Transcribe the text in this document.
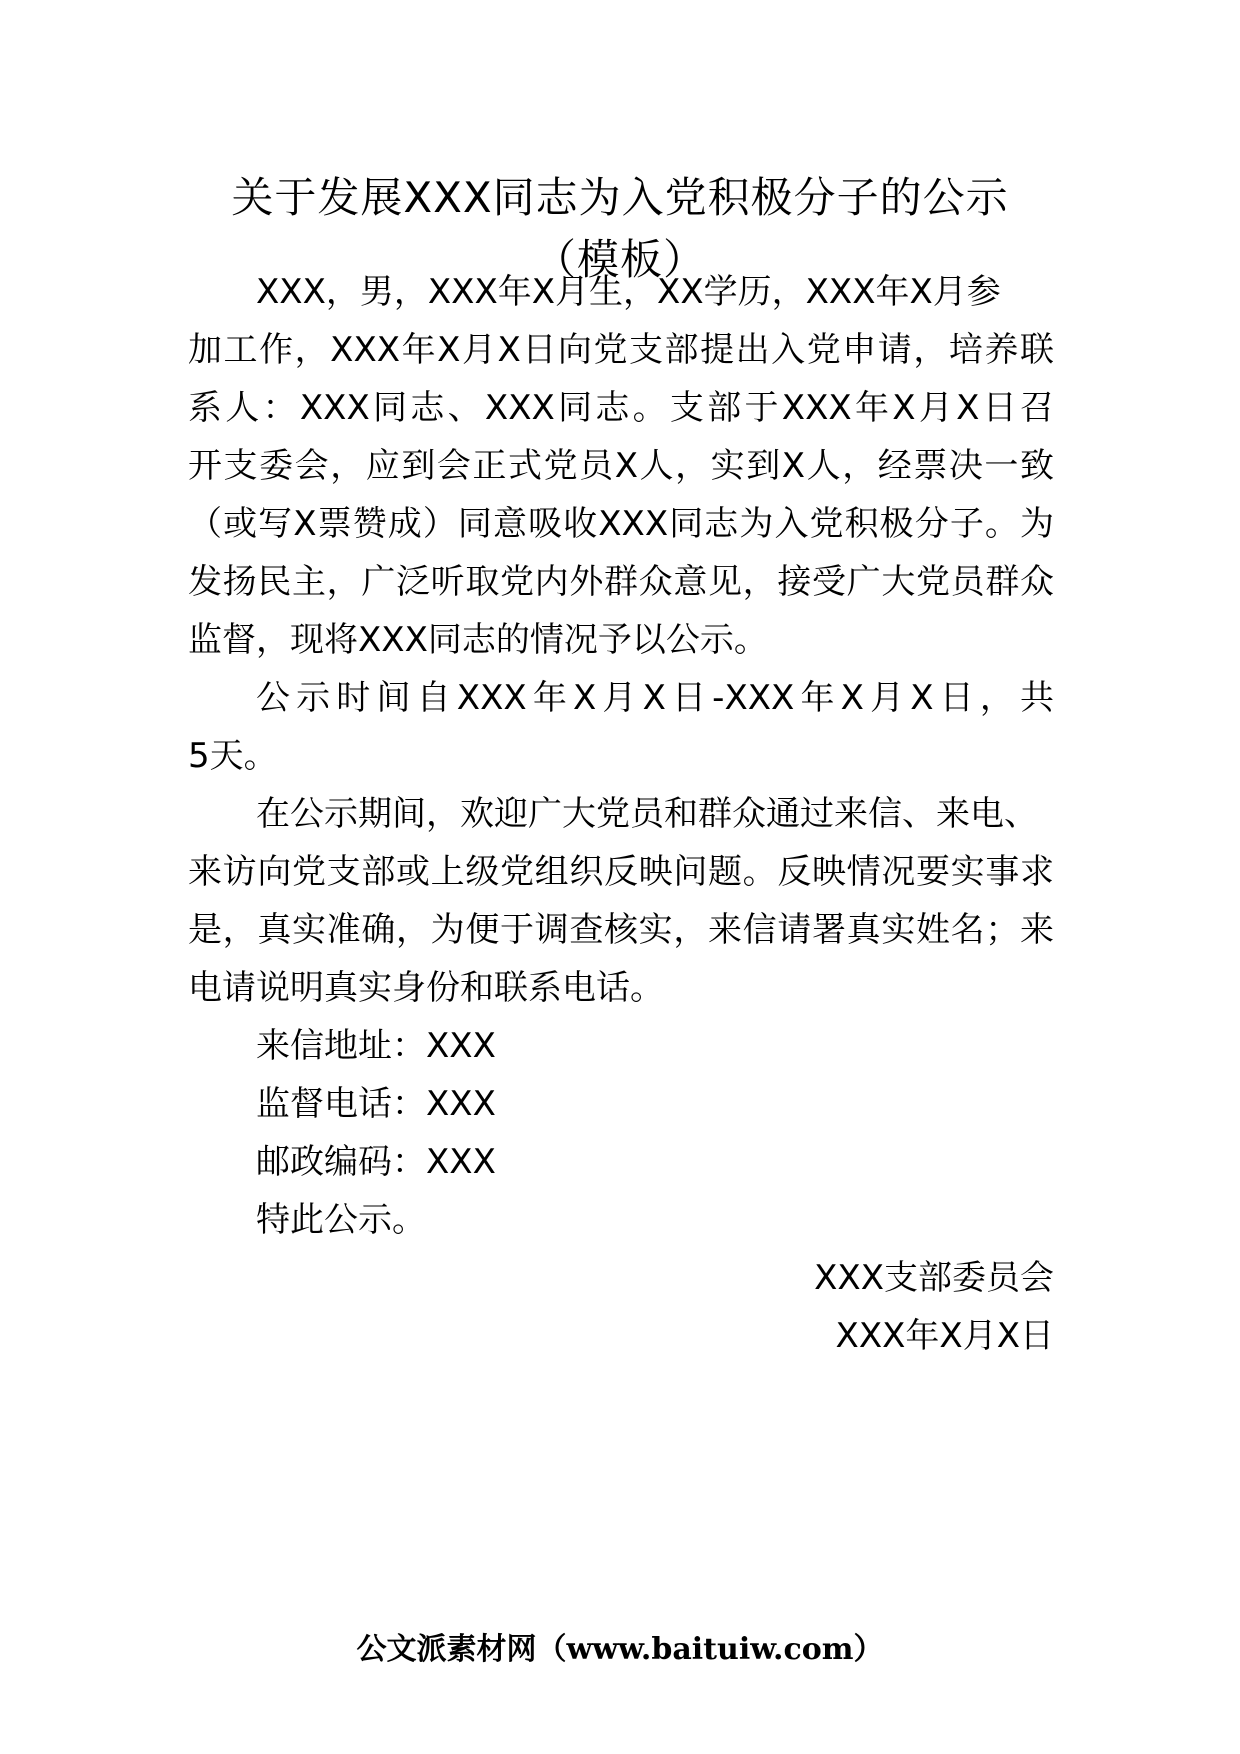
关于发展XXX同志为入党积极分子的公示
（模板）
XXX，男，XXX年X月生，XX学历，XXX年X月参
加工作，XXX年X月X日向党支部提出入党申请，培养联
系人：XXX同志、XXX同志。支部于XXX年X月X日召
开支委会，应到会正式党员X人，实到X人，经票决一致
（或写X票赞成）同意吸收XXX同志为入党积极分子。为
发扬民主，广泛听取党内外群众意见，接受广大党员群众
监督，现将XXX同志的情况予以公示。
公示时间自XXX年X月X日-XXX年X月X日，共
5天。
在公示期间，欢迎广大党员和群众通过来信、来电、
来访向党支部或上级党组织反映问题。反映情况要实事求
是，真实准确，为便于调查核实，来信请署真实姓名；来
电请说明真实身份和联系电话。
来信地址：XXX
监督电话：XXX
邮政编码：XXX
特此公示。
XXX支部委员会
XXX年X月X日
公文派素材网（www.baituiw.com）
